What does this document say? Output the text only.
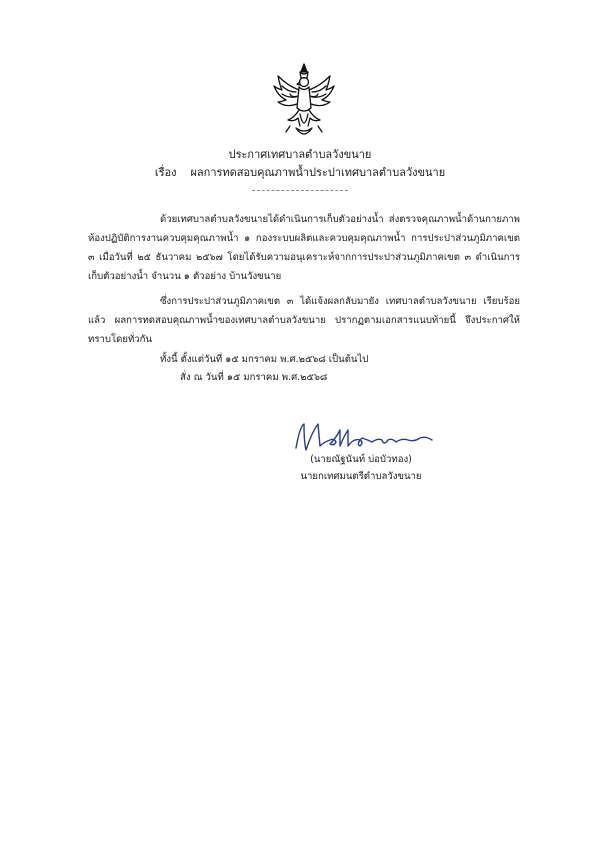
ประกาศเทศบาลตำบลวังขนาย
เรื่อง ผลการทดสอบคุณภาพน้ำประปาเทศบาลตำบลวังขนาย

ด้วยเทศบาลตำบลวังขนายได้ดำเนินการเก็บตัวอย่างน้ำ ส่งตรวจคุณภาพน้ำด้านกายภาพ ห้องปฏิบัติการงานควบคุมคุณภาพน้ำ ๑ กองระบบผลิตและควบคุมคุณภาพน้ำ การประปาส่วนภูมิภาคเขต ๓ เมื่อวันที่ ๒๕ ธันวาคม ๒๕๖๗ โดยได้รับความอนุเคราะห์จากการประปาส่วนภูมิภาคเขต ๓ ดำเนินการเก็บตัวอย่างน้ำ จำนวน ๑ ตัวอย่าง บ้านวังขนาย

ซึ่งการประปาส่วนภูมิภาคเขต ๓ ได้แจ้งผลกลับมายัง เทศบาลตำบลวังขนาย เรียบร้อยแล้ว ผลการทดสอบคุณภาพน้ำของเทศบาลตำบลวังขนาย ปรากฏตามเอกสารแนบท้ายนี้ จึงประกาศให้ทราบโดยทั่วกัน

ทั้งนี้ ตั้งแต่วันที่ ๑๕ มกราคม พ.ศ.๒๕๖๘ เป็นต้นไป
สั่ง ณ วันที่ ๑๕ มกราคม พ.ศ.๒๕๖๘
(นายณัฐนันท์ บ่อบัวทอง)
นายกเทศมนตรีตำบลวังขนาย
